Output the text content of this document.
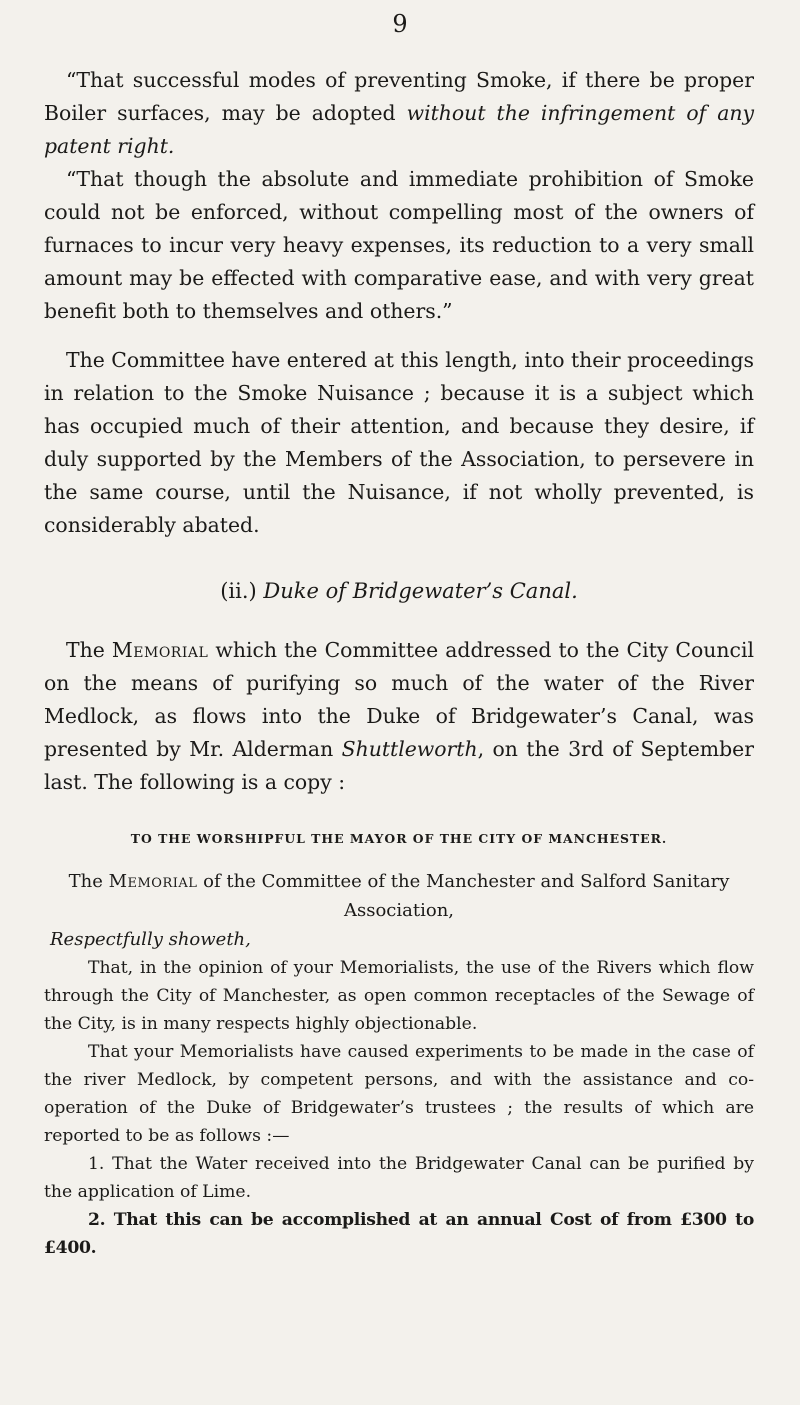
9

“That successful modes of preventing Smoke, if there be proper Boiler surfaces, may be adopted without the infringement of any patent right.

“That though the absolute and immediate prohibition of Smoke could not be enforced, without compelling most of the owners of furnaces to incur very heavy expenses, its reduction to a very small amount may be effected with comparative ease, and with very great benefit both to themselves and others.”

The Committee have entered at this length, into their proceedings in relation to the Smoke Nuisance ; because it is a subject which has occupied much of their attention, and because they desire, if duly supported by the Members of the Association, to persevere in the same course, until the Nuisance, if not wholly prevented, is considerably abated.

(ii.) Duke of Bridgewater’s Canal.

The Memorial which the Committee addressed to the City Council on the means of purifying so much of the water of the River Medlock, as flows into the Duke of Bridgewater’s Canal, was presented by Mr. Alderman Shuttleworth, on the 3rd of September last. The following is a copy :

TO THE WORSHIPFUL THE MAYOR OF THE CITY OF MANCHESTER.
The Memorial of the Committee of the Manchester and Salford Sanitary
Association,
Respectfully showeth,

That, in the opinion of your Memorialists, the use of the Rivers which flow through the City of Manchester, as open common receptacles of the Sewage of the City, is in many respects highly objectionable.

That your Memorialists have caused experiments to be made in the case of the river Medlock, by competent persons, and with the assistance and co-operation of the Duke of Bridgewater’s trustees ; the results of which are reported to be as follows :—

1. That the Water received into the Bridgewater Canal can be purified by the application of Lime.

2. That this can be accomplished at an annual Cost of from £300 to £400.
